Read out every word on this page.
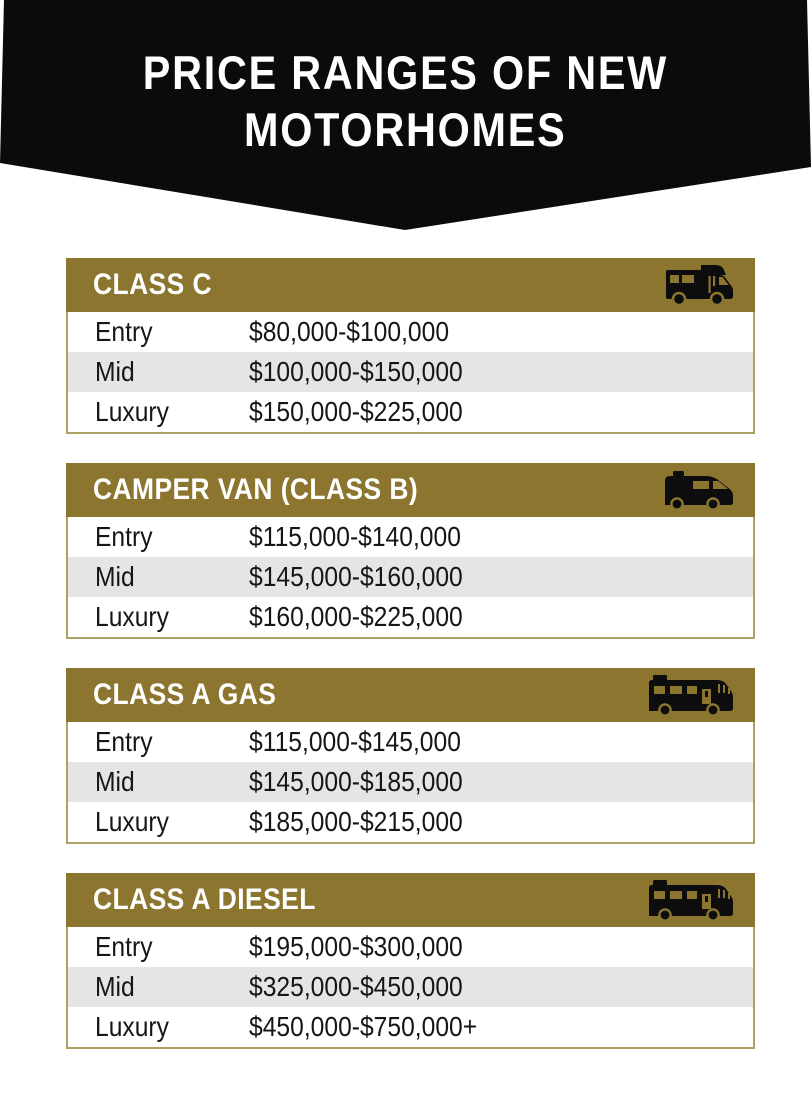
PRICE RANGES OF NEW
MOTORHOMES
CLASS C
Entry	$80,000-$100,000
Mid	$100,000-$150,000
Luxury	$150,000-$225,000
CAMPER VAN (CLASS B)
Entry	$115,000-$140,000
Mid	$145,000-$160,000
Luxury	$160,000-$225,000
CLASS A GAS
Entry	$115,000-$145,000
Mid	$145,000-$185,000
Luxury	$185,000-$215,000
CLASS A DIESEL
Entry	$195,000-$300,000
Mid	$325,000-$450,000
Luxury	$450,000-$750,000+
